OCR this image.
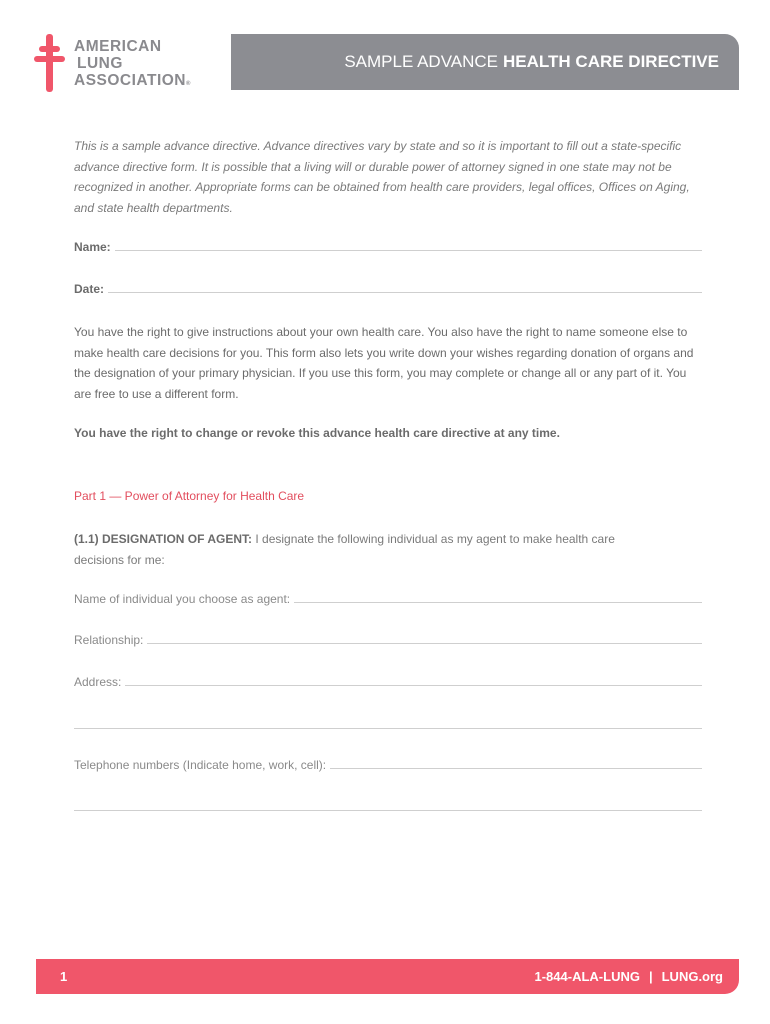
AMERICAN
LUNG
ASSOCIATION®
SAMPLE ADVANCE HEALTH CARE DIRECTIVE
This is a sample advance directive. Advance directives vary by state and so it is important to fill out a state-specific advance directive form. It is possible that a living will or durable power of attorney signed in one state may not be recognized in another. Appropriate forms can be obtained from health care providers, legal offices, Offices on Aging, and state health departments.
Name:
Date:
You have the right to give instructions about your own health care. You also have the right to name someone else to make health care decisions for you. This form also lets you write down your wishes regarding donation of organs and the designation of your primary physician. If you use this form, you may complete or change all or any part of it. You are free to use a different form.
You have the right to change or revoke this advance health care directive at any time.
Part 1 — Power of Attorney for Health Care
(1.1) DESIGNATION OF AGENT: I designate the following individual as my agent to make health care decisions for me:
Name of individual you choose as agent:
Relationship:
Address:
Telephone numbers (Indicate home, work, cell):
1	1-844-ALA-LUNG | LUNG.org
